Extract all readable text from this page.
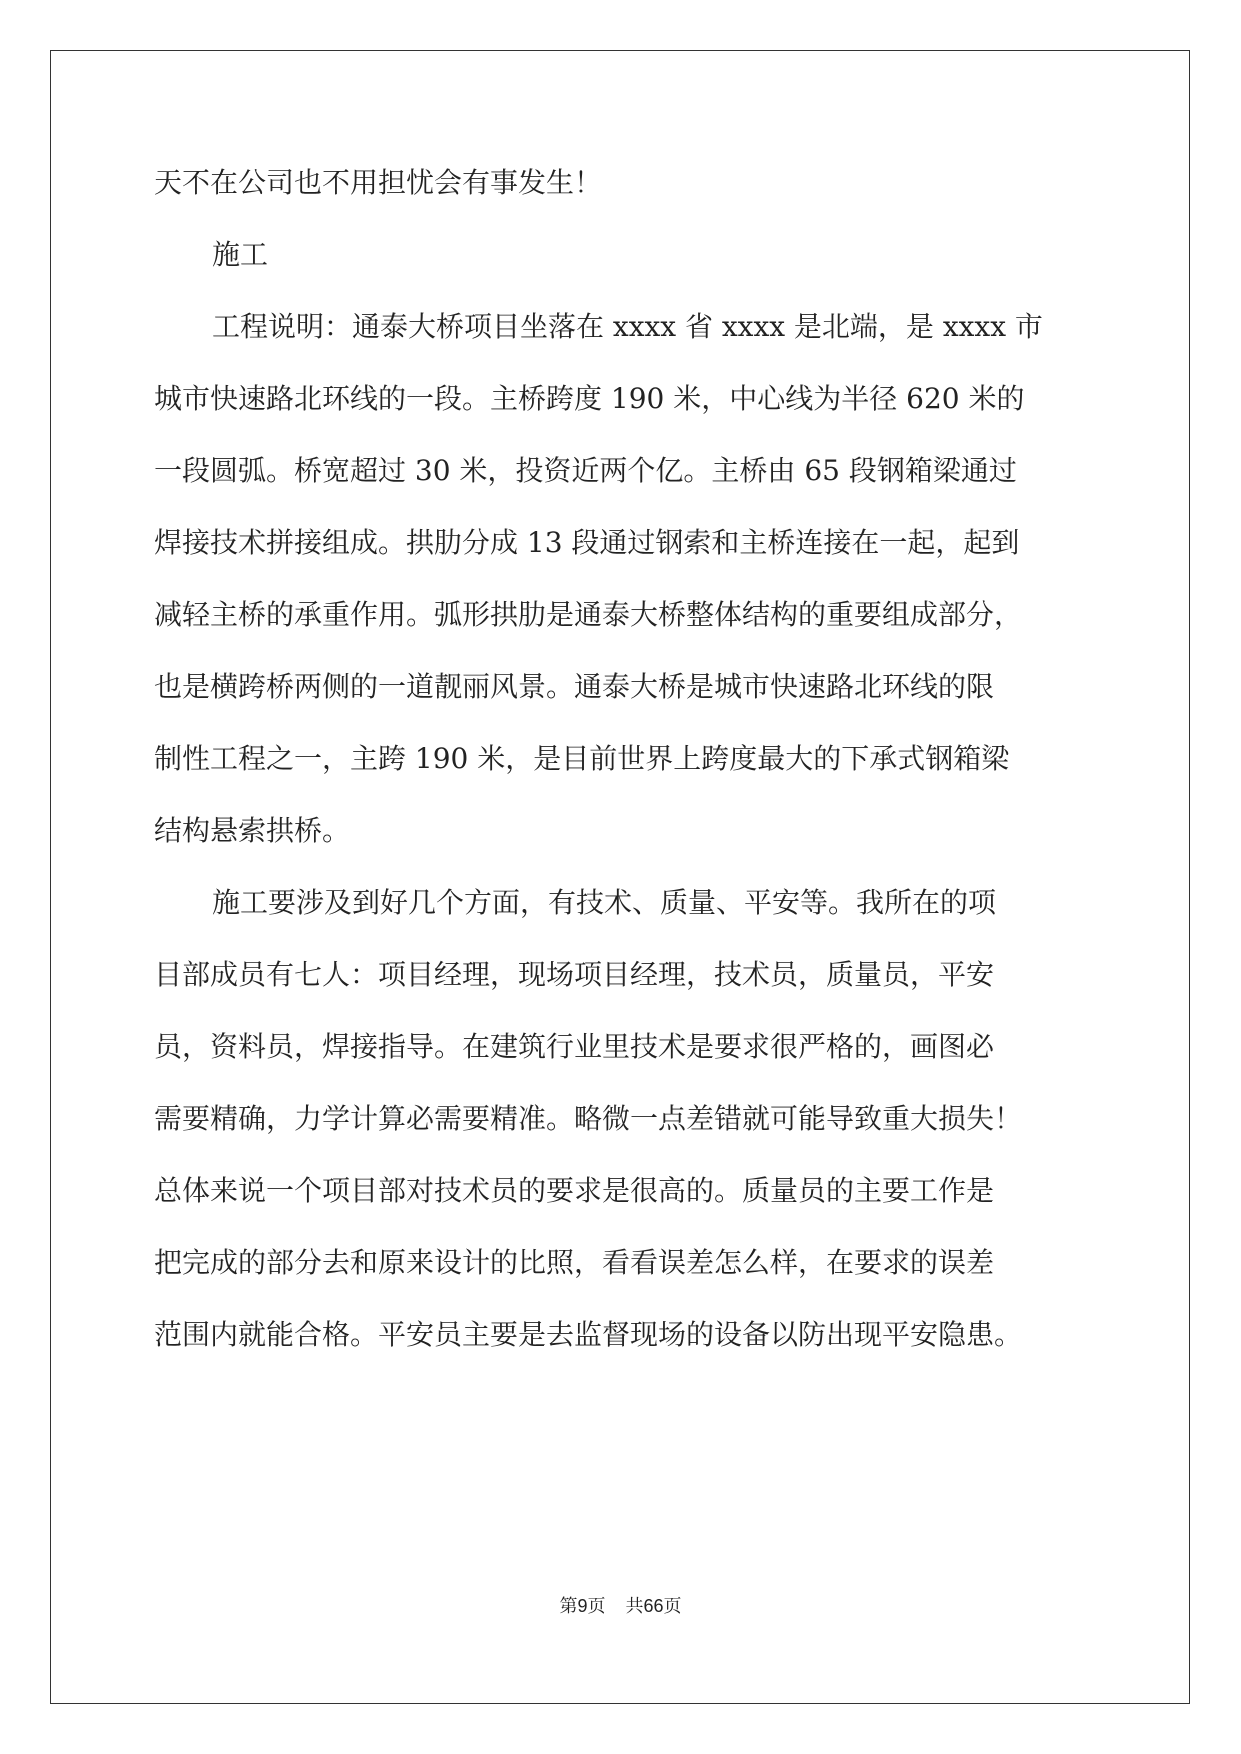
天不在公司也不用担忧会有事发生！
施工
工程说明：通泰大桥项目坐落在 xxxx 省 xxxx 是北端，是 xxxx 市
城市快速路北环线的一段。主桥跨度 190 米，中心线为半径 620 米的
一段圆弧。桥宽超过 30 米，投资近两个亿。主桥由 65 段钢箱梁通过
焊接技术拼接组成。拱肋分成 13 段通过钢索和主桥连接在一起，起到
减轻主桥的承重作用。弧形拱肋是通泰大桥整体结构的重要组成部分，
也是横跨桥两侧的一道靓丽风景。通泰大桥是城市快速路北环线的限
制性工程之一，主跨 190 米，是目前世界上跨度最大的下承式钢箱梁
结构悬索拱桥。
施工要涉及到好几个方面，有技术、质量、平安等。我所在的项
目部成员有七人：项目经理，现场项目经理，技术员，质量员，平安
员，资料员，焊接指导。在建筑行业里技术是要求很严格的，画图必
需要精确，力学计算必需要精准。略微一点差错就可能导致重大损失！
总体来说一个项目部对技术员的要求是很高的。质量员的主要工作是
把完成的部分去和原来设计的比照，看看误差怎么样，在要求的误差
范围内就能合格。平安员主要是去监督现场的设备以防出现平安隐患。
第9页 共66页
